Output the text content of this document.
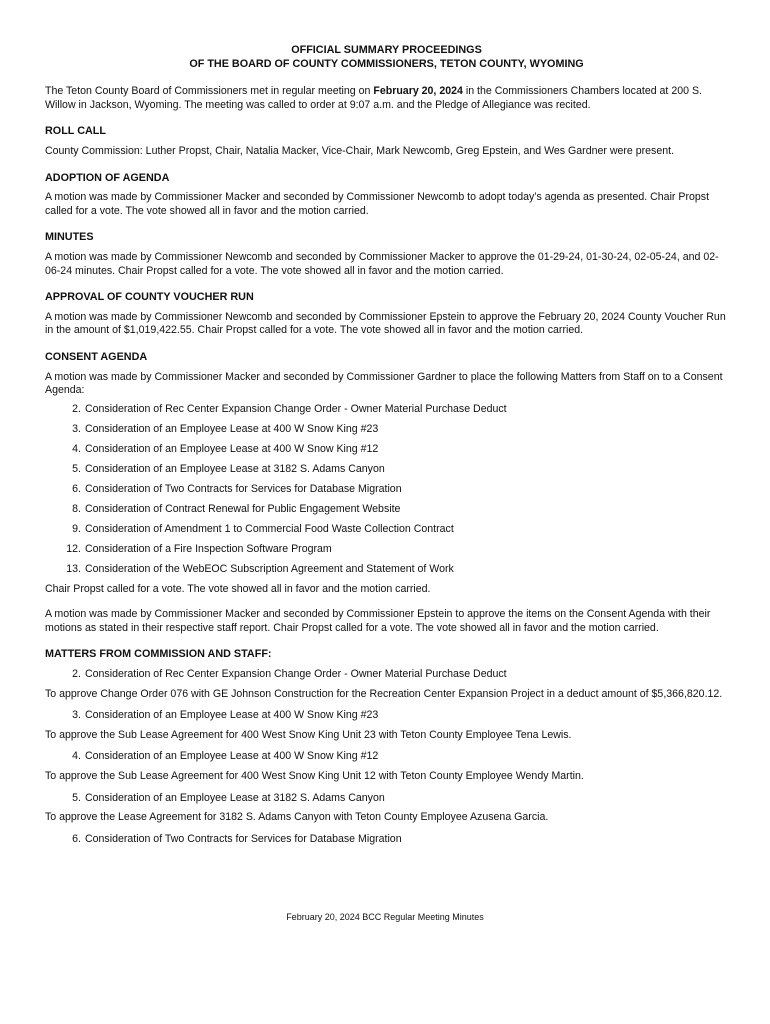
OFFICIAL SUMMARY PROCEEDINGS
OF THE BOARD OF COUNTY COMMISSIONERS, TETON COUNTY, WYOMING

The Teton County Board of Commissioners met in regular meeting on February 20, 2024 in the Commissioners Chambers located at 200 S. Willow in Jackson, Wyoming. The meeting was called to order at 9:07 a.m. and the Pledge of Allegiance was recited.

ROLL CALL

County Commission: Luther Propst, Chair, Natalia Macker, Vice-Chair, Mark Newcomb, Greg Epstein, and Wes Gardner were present.

ADOPTION OF AGENDA

A motion was made by Commissioner Macker and seconded by Commissioner Newcomb to adopt today’s agenda as presented. Chair Propst called for a vote. The vote showed all in favor and the motion carried.

MINUTES

A motion was made by Commissioner Newcomb and seconded by Commissioner Macker to approve the 01-29-24, 01-30-24, 02-05-24, and 02-06-24 minutes. Chair Propst called for a vote. The vote showed all in favor and the motion carried.

APPROVAL OF COUNTY VOUCHER RUN

A motion was made by Commissioner Newcomb and seconded by Commissioner Epstein to approve the February 20, 2024 County Voucher Run in the amount of $1,019,422.55. Chair Propst called for a vote. The vote showed all in favor and the motion carried.

CONSENT AGENDA

A motion was made by Commissioner Macker and seconded by Commissioner Gardner to place the following Matters from Staff on to a Consent Agenda:

2. Consideration of Rec Center Expansion Change Order - Owner Material Purchase Deduct
3. Consideration of an Employee Lease at 400 W Snow King #23
4. Consideration of an Employee Lease at 400 W Snow King #12
5. Consideration of an Employee Lease at 3182 S. Adams Canyon
6. Consideration of Two Contracts for Services for Database Migration
8. Consideration of Contract Renewal for Public Engagement Website
9. Consideration of Amendment 1 to Commercial Food Waste Collection Contract
12. Consideration of a Fire Inspection Software Program
13. Consideration of the WebEOC Subscription Agreement and Statement of Work

Chair Propst called for a vote. The vote showed all in favor and the motion carried.

A motion was made by Commissioner Macker and seconded by Commissioner Epstein to approve the items on the Consent Agenda with their motions as stated in their respective staff report. Chair Propst called for a vote. The vote showed all in favor and the motion carried.

MATTERS FROM COMMISSION AND STAFF:
2. Consideration of Rec Center Expansion Change Order - Owner Material Purchase Deduct

To approve Change Order 076 with GE Johnson Construction for the Recreation Center Expansion Project in a deduct amount of $5,366,820.12.

3. Consideration of an Employee Lease at 400 W Snow King #23

To approve the Sub Lease Agreement for 400 West Snow King Unit 23 with Teton County Employee Tena Lewis.

4. Consideration of an Employee Lease at 400 W Snow King #12

To approve the Sub Lease Agreement for 400 West Snow King Unit 12 with Teton County Employee Wendy Martin.

5. Consideration of an Employee Lease at 3182 S. Adams Canyon

To approve the Lease Agreement for 3182 S. Adams Canyon with Teton County Employee Azusena Garcia.

6. Consideration of Two Contracts for Services for Database Migration
February 20, 2024 BCC Regular Meeting Minutes
